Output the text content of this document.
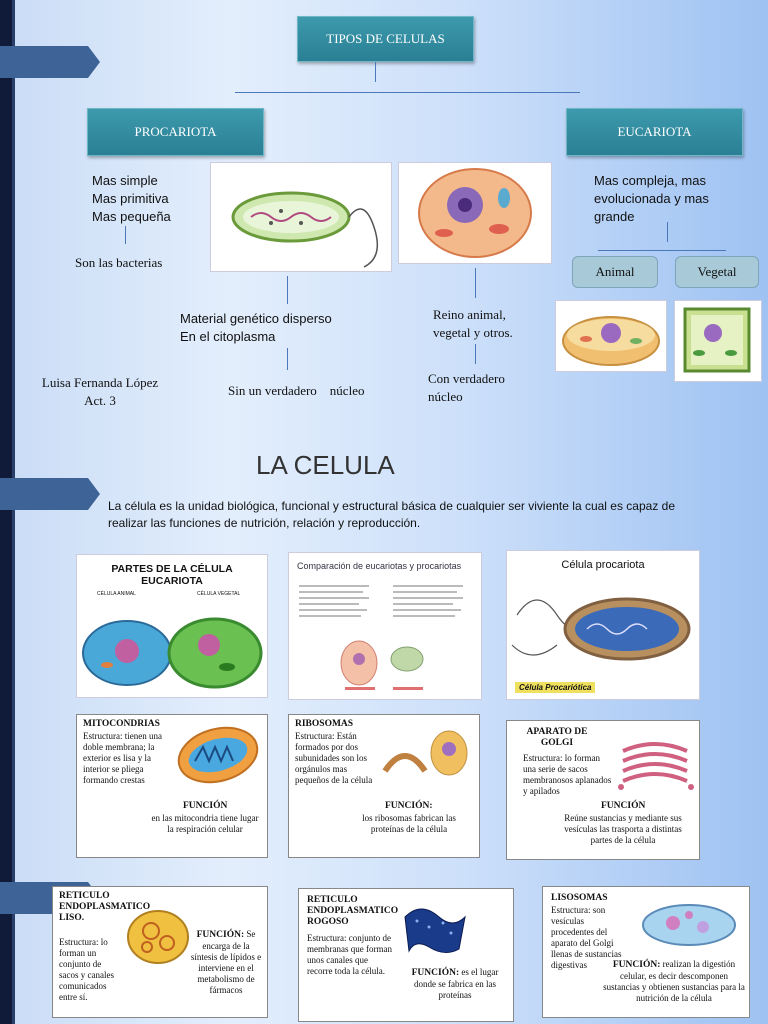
TIPOS DE CELULAS
PROCARIOTA	EUCARIOTA
Mas simple
Mas primitiva
Mas pequeña
Son las bacterias
Material genético disperso
En el citoplasma
Sin un verdadero    núcleo
Reino animal,
vegetal y otros.
Con verdadero
núcleo
Mas compleja, mas evolucionada y mas grande
Animal	Vegetal
Luisa Fernanda López
Act. 3
LA CELULA
La célula es la unidad biológica, funcional y estructural básica de cualquier ser viviente la cual es capaz de realizar las funciones de nutrición, relación y reproducción.
PARTES DE LA CÉLULA EUCARIOTA
CÉLULA ANIMAL	CÉLULA VEGETAL
Comparación de eucariotas y procariotas	Célula procariota
Célula Procariótica
MITOCONDRIAS
Estructura: tienen una doble membrana; la exterior es lisa y la interior se pliega formando crestas
FUNCIÓN
en las mitocondria tiene lugar la respiración celular
RIBOSOMAS
Estructura: Están formados por dos subunidades son los orgánulos mas pequeños de la célula
FUNCIÓN:
los ribosomas fabrican las proteínas de la célula
APARATO DE GOLGI
Estructura: lo forman una serie de sacos membranosos aplanados y apilados
FUNCIÓN
Reúne sustancias y mediante sus vesículas las trasporta a distintas partes de la célula
RETICULO ENDOPLASMATICO LISO.
Estructura: lo forman un conjunto de sacos y canales comunicados entre sí.
FUNCIÓN: Se encarga de la síntesis de lípidos e interviene en el metabolismo de fármacos
RETICULO ENDOPLASMATICO ROGOSO
Estructura: conjunto de membranas que forman unos canales que recorre toda la célula.	FUNCIÓN: es el lugar donde se fabrica en las proteínas
LISOSOMAS
Estructura: son vesículas procedentes del aparato del Golgi llenas de sustancias digestivas	FUNCIÓN: realizan la digestión celular, es decir descomponen sustancias y obtienen sustancias para la nutrición de la célula
